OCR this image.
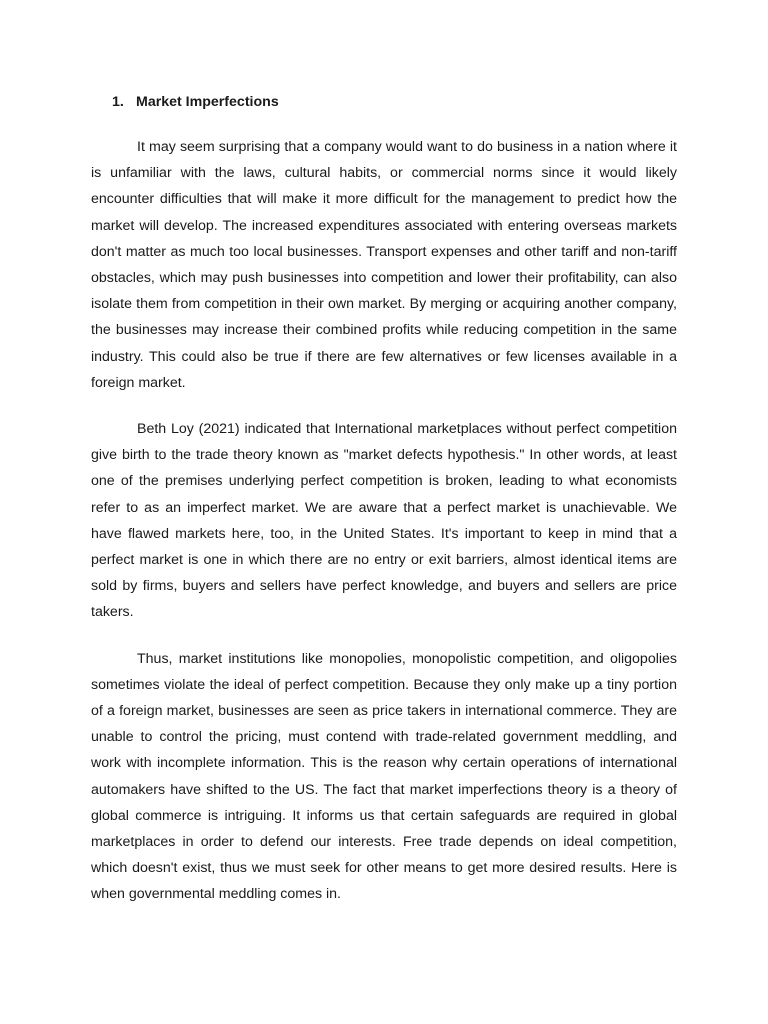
1. Market Imperfections

It may seem surprising that a company would want to do business in a nation where it is unfamiliar with the laws, cultural habits, or commercial norms since it would likely encounter difficulties that will make it more difficult for the management to predict how the market will develop. The increased expenditures associated with entering overseas markets don't matter as much too local businesses. Transport expenses and other tariff and non-tariff obstacles, which may push businesses into competition and lower their profitability, can also isolate them from competition in their own market. By merging or acquiring another company, the businesses may increase their combined profits while reducing competition in the same industry. This could also be true if there are few alternatives or few licenses available in a foreign market.

Beth Loy (2021) indicated that International marketplaces without perfect competition give birth to the trade theory known as "market defects hypothesis." In other words, at least one of the premises underlying perfect competition is broken, leading to what economists refer to as an imperfect market. We are aware that a perfect market is unachievable. We have flawed markets here, too, in the United States. It's important to keep in mind that a perfect market is one in which there are no entry or exit barriers, almost identical items are sold by firms, buyers and sellers have perfect knowledge, and buyers and sellers are price takers.

Thus, market institutions like monopolies, monopolistic competition, and oligopolies sometimes violate the ideal of perfect competition. Because they only make up a tiny portion of a foreign market, businesses are seen as price takers in international commerce. They are unable to control the pricing, must contend with trade-related government meddling, and work with incomplete information. This is the reason why certain operations of international automakers have shifted to the US. The fact that market imperfections theory is a theory of global commerce is intriguing. It informs us that certain safeguards are required in global marketplaces in order to defend our interests. Free trade depends on ideal competition, which doesn't exist, thus we must seek for other means to get more desired results. Here is when governmental meddling comes in.
